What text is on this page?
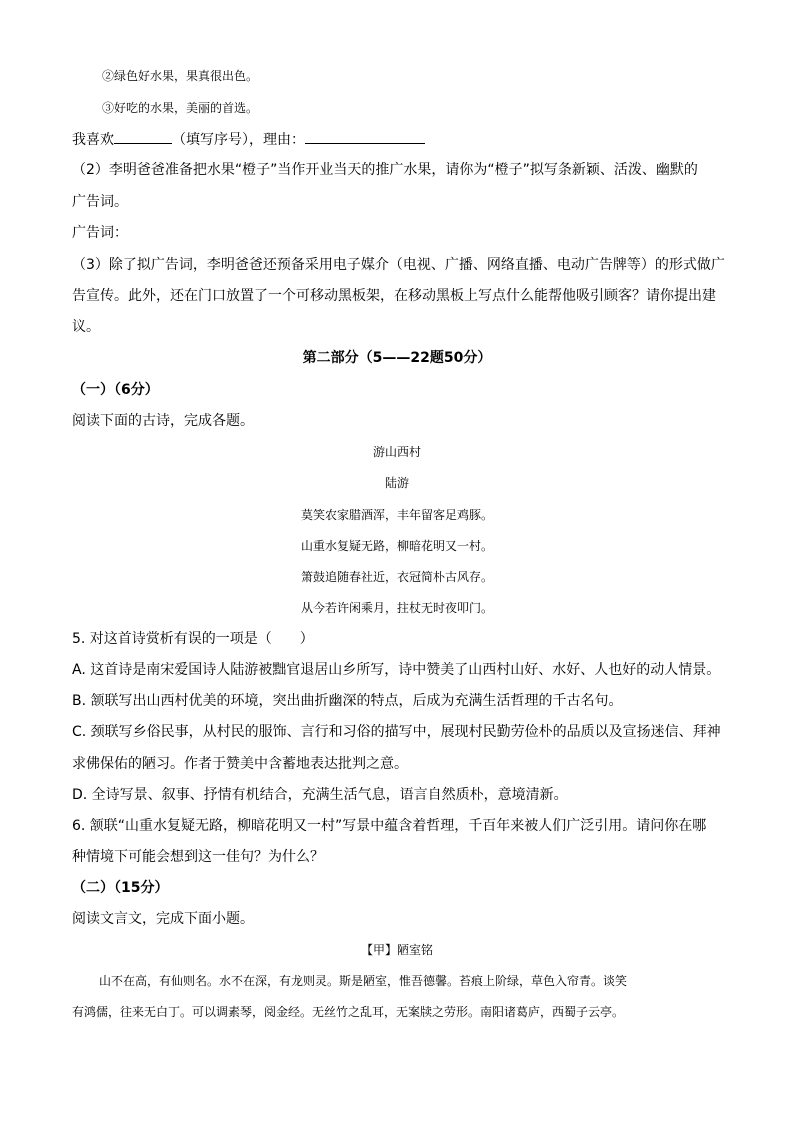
②绿色好水果，果真很出色。
③好吃的水果，美丽的首选。
我喜欢	（填写序号），理由：
（2）李明爸爸准备把水果“橙子”当作开业当天的推广水果，请你为“橙子”拟写条新颖、活泼、幽默的
广告词。
广告词：
（3）除了拟广告词，李明爸爸还预备采用电子媒介（电视、广播、网络直播、电动广告牌等）的形式做广
告宣传。此外，还在门口放置了一个可移动黑板架，在移动黑板上写点什么能帮他吸引顾客？请你提出建
议。
第二部分（5——22题50分）
（一）（6分）
阅读下面的古诗，完成各题。
游山西村
陆游
莫笑农家腊酒浑，丰年留客足鸡豚。
山重水复疑无路，柳暗花明又一村。
箫鼓追随春社近，衣冠简朴古风存。
从今若许闲乘月，拄杖无时夜叩门。
5. 对这首诗赏析有误的一项是（　　）
A. 这首诗是南宋爱国诗人陆游被黜官退居山乡所写，诗中赞美了山西村山好、水好、人也好的动人情景。
B. 颔联写出山西村优美的环境，突出曲折幽深的特点，后成为充满生活哲理的千古名句。
C. 颈联写乡俗民事，从村民的服饰、言行和习俗的描写中，展现村民勤劳俭朴的品质以及宣扬迷信、拜神
求佛保佑的陋习。作者于赞美中含蓄地表达批判之意。
D. 全诗写景、叙事、抒情有机结合，充满生活气息，语言自然质朴，意境清新。
6. 颔联“山重水复疑无路，柳暗花明又一村”写景中蕴含着哲理，千百年来被人们广泛引用。请问你在哪
种情境下可能会想到这一佳句？为什么？
（二）（15分）
阅读文言文，完成下面小题。
【甲】陋室铭
山不在高，有仙则名。水不在深，有龙则灵。斯是陋室，惟吾德馨。苔痕上阶绿，草色入帘青。谈笑
有鸿儒，往来无白丁。可以调素琴，阅金经。无丝竹之乱耳，无案牍之劳形。南阳诸葛庐，西蜀子云亭。
